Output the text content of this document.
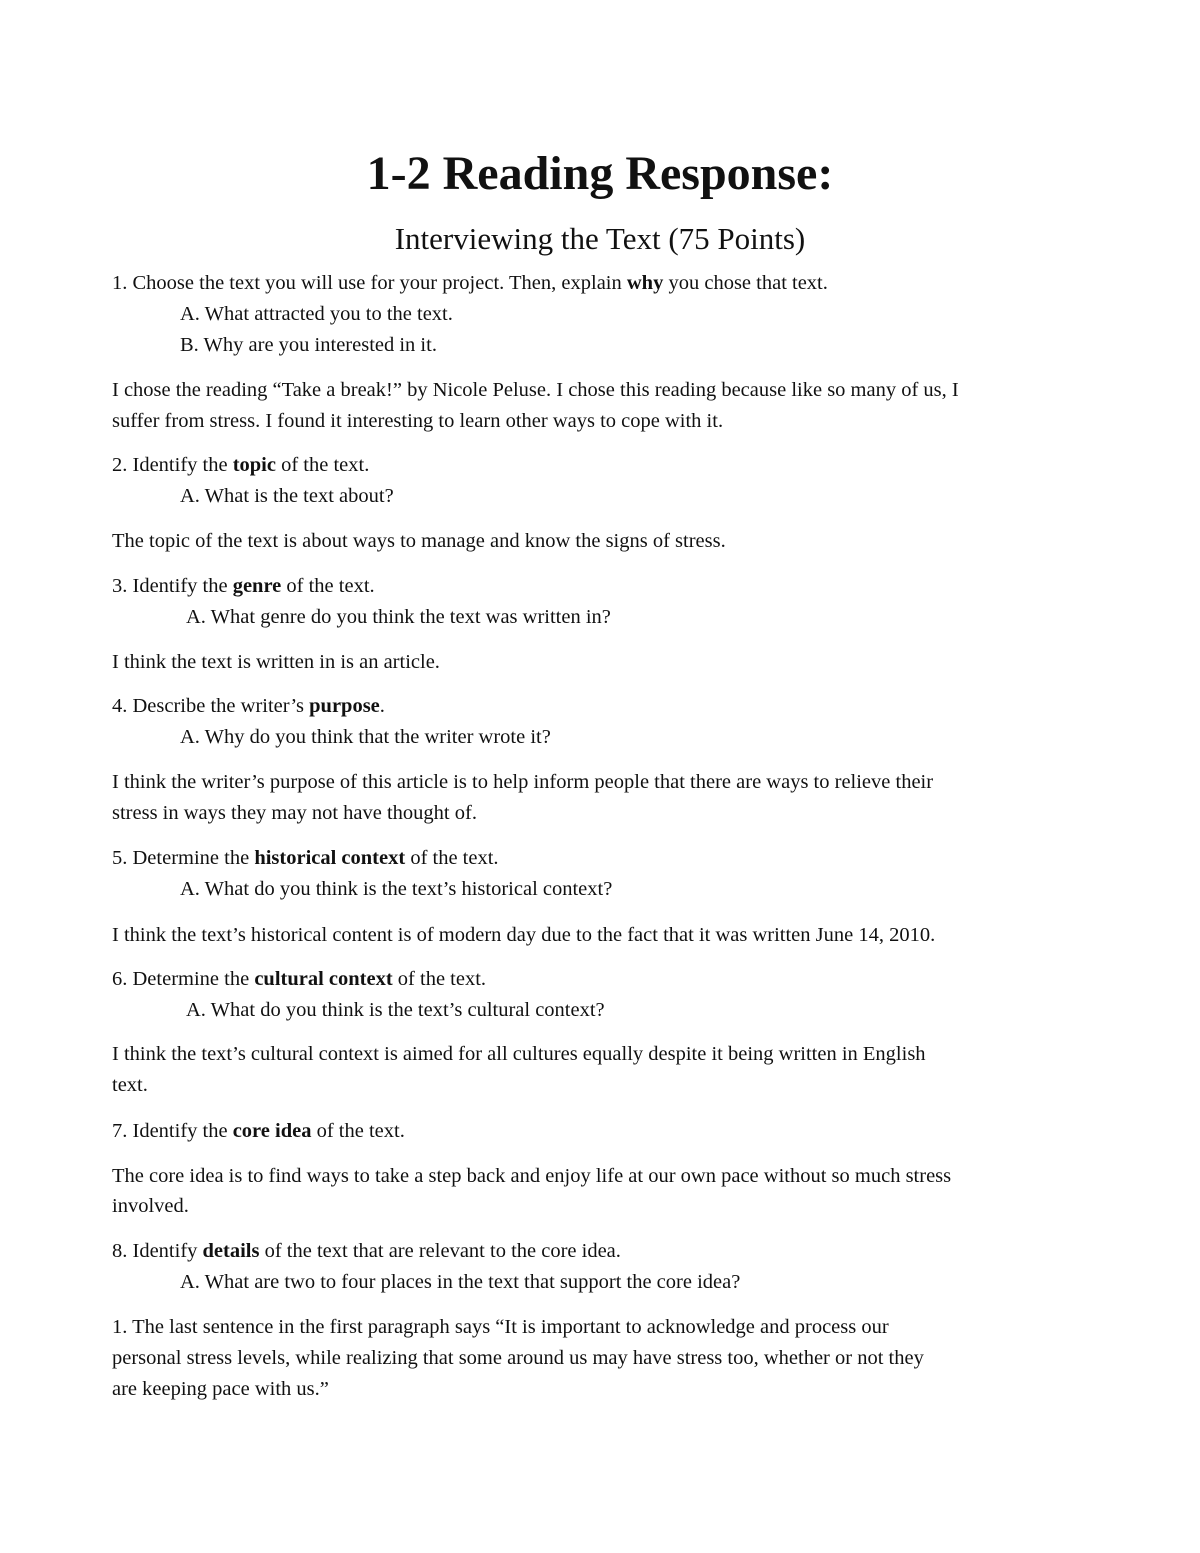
1-2 Reading Response:
Interviewing the Text (75 Points)
1. Choose the text you will use for your project. Then, explain why you chose that text.
A. What attracted you to the text.
B. Why are you interested in it.
I chose the reading “Take a break!” by Nicole Peluse. I chose this reading because like so many of us, I
suffer from stress. I found it interesting to learn other ways to cope with it.
2. Identify the topic of the text.
A. What is the text about?
The topic of the text is about ways to manage and know the signs of stress.
3. Identify the genre of the text.
A. What genre do you think the text was written in?
I think the text is written in is an article.
4. Describe the writer’s purpose.
A. Why do you think that the writer wrote it?
I think the writer’s purpose of this article is to help inform people that there are ways to relieve their
stress in ways they may not have thought of.
5. Determine the historical context of the text.
A. What do you think is the text’s historical context?
I think the text’s historical content is of modern day due to the fact that it was written June 14, 2010.
6. Determine the cultural context of the text.
A. What do you think is the text’s cultural context?
I think the text’s cultural context is aimed for all cultures equally despite it being written in English
text.
7. Identify the core idea of the text.
The core idea is to find ways to take a step back and enjoy life at our own pace without so much stress
involved.
8. Identify details of the text that are relevant to the core idea.
A. What are two to four places in the text that support the core idea?
1. The last sentence in the first paragraph says “It is important to acknowledge and process our
personal stress levels, while realizing that some around us may have stress too, whether or not they
are keeping pace with us.”
